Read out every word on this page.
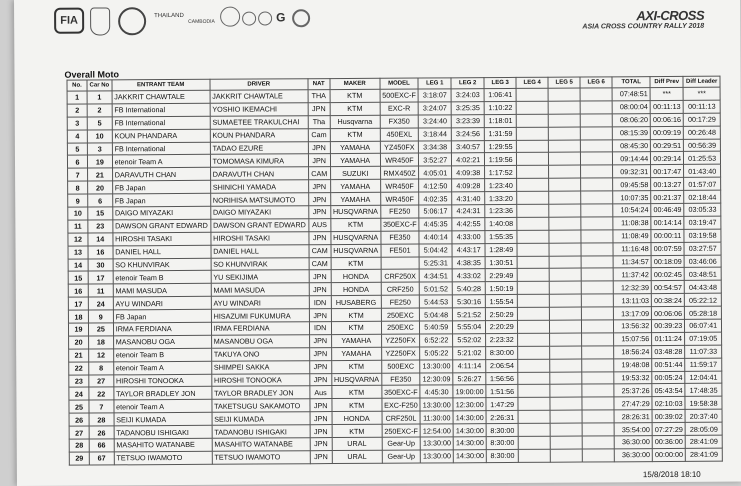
FIA	THAILAND
CAMBODIA	G	AXI-CROSS
ASIA CROSS COUNTRY RALLY 2018
Overall Moto
No.	Car No	ENTRANT TEAM	DRIVER	NAT	MAKER	MODEL	LEG 1	LEG 2	LEG 3	LEG 4	LEG 5	LEG 6	TOTAL	Diff Prev	Diff Leader
1	1	JAKKRIT CHAWTALE	JAKKRIT CHAWTALE	THA	KTM	500EXC-F	3:18:07	3:24:03	1:06:41				07:48:51	***	***
2	2	FB International	YOSHIO IKEMACHI	JPN	KTM	EXC-R	3:24:07	3:25:35	1:10:22				08:00:04	00:11:13	00:11:13
3	5	FB International	SUMAETEE TRAKULCHAI	Tha	Husqvarna	FX350	3:24:40	3:23:39	1:18:01				08:06:20	00:06:16	00:17:29
4	10	KOUN PHANDARA	KOUN PHANDARA	Cam	KTM	450EXL	3:18:44	3:24:56	1:31:59				08:15:39	00:09:19	00:26:48
5	3	FB International	TADAO EZURE	JPN	YAMAHA	YZ450FX	3:34:38	3:40:57	1:29:55				08:45:30	00:29:51	00:56:39
6	19	etenoir Team A	TOMOMASA KIMURA	JPN	YAMAHA	WR450F	3:52:27	4:02:21	1:19:56				09:14:44	00:29:14	01:25:53
7	21	DARAVUTH CHAN	DARAVUTH CHAN	CAM	SUZUKI	RMX450Z	4:05:01	4:09:38	1:17:52				09:32:31	00:17:47	01:43:40
8	20	FB Japan	SHINICHI YAMADA	JPN	YAMAHA	WR450F	4:12:50	4:09:28	1:23:40				09:45:58	00:13:27	01:57:07
9	6	FB Japan	NORIHISA MATSUMOTO	JPN	YAMAHA	WR450F	4:02:35	4:31:40	1:33:20				10:07:35	00:21:37	02:18:44
10	15	DAIGO MIYAZAKI	DAIGO MIYAZAKI	JPN	HUSQVARNA	FE250	5:06:17	4:24:31	1:23:36				10:54:24	00:46:49	03:05:33
11	23	DAWSON GRANT EDWARD	DAWSON GRANT EDWARD	AUS	KTM	350EXC-F	4:45:35	4:42:55	1:40:08				11:08:38	00:14:14	03:19:47
12	14	HIROSHI TASAKI	HIROSHI TASAKI	JPN	HUSQVARNA	FE350	4:40:14	4:33:00	1:55:35				11:08:49	00:00:11	03:19:58
13	16	DANIEL HALL	DANIEL HALL	CAM	HUSQVARNA	FE501	5:04:42	4:43:17	1:28:49				11:16:48	00:07:59	03:27:57
14	30	SO KHUNVIRAK	SO KHUNVIRAK	CAM	KTM		5:25:31	4:38:35	1:30:51				11:34:57	00:18:09	03:46:06
15	17	etenoir Team B	YU SEKIJIMA	JPN	HONDA	CRF250X	4:34:51	4:33:02	2:29:49				11:37:42	00:02:45	03:48:51
16	11	MAMI MASUDA	MAMI MASUDA	JPN	HONDA	CRF250	5:01:52	5:40:28	1:50:19				12:32:39	00:54:57	04:43:48
17	24	AYU WINDARI	AYU WINDARI	IDN	HUSABERG	FE250	5:44:53	5:30:16	1:55:54				13:11:03	00:38:24	05:22:12
18	9	FB Japan	HISAZUMI FUKUMURA	JPN	KTM	250EXC	5:04:48	5:21:52	2:50:29				13:17:09	00:06:06	05:28:18
19	25	IRMA FERDIANA	IRMA FERDIANA	IDN	KTM	250EXC	5:40:59	5:55:04	2:20:29				13:56:32	00:39:23	06:07:41
20	18	MASANOBU OGA	MASANOBU OGA	JPN	YAMAHA	YZ250FX	6:52:22	5:52:02	2:23:32				15:07:56	01:11:24	07:19:05
21	12	etenoir Team B	TAKUYA ONO	JPN	YAMAHA	YZ250FX	5:05:22	5:21:02	8:30:00				18:56:24	03:48:28	11:07:33
22	8	etenoir Team A	SHIMPEI SAKKA	JPN	KTM	500EXC	13:30:00	4:11:14	2:06:54				19:48:08	00:51:44	11:59:17
23	27	HIROSHI TONOOKA	HIROSHI TONOOKA	JPN	HUSQVARNA	FE350	12:30:09	5:26:27	1:56:56				19:53:32	00:05:24	12:04:41
24	22	TAYLOR BRADLEY JON	TAYLOR BRADLEY JON	Aus	KTM	350EXC-F	4:45:30	19:00:00	1:51:56				25:37:26	05:43:54	17:48:35
25	7	etenoir Team A	TAKETSUGU SAKAMOTO	JPN	KTM	EXC-F250	13:30:00	12:30:00	1:47:29				27:47:29	02:10:03	19:58:38
26	28	SEIJI KUMADA	SEIJI KUMADA	JPN	HONDA	CRF250L	11:30:00	14:30:00	2:26:31				28:26:31	00:39:02	20:37:40
27	26	TADANOBU ISHIGAKI	TADANOBU ISHIGAKI	JPN	KTM	250EXC-F	12:54:00	14:30:00	8:30:00				35:54:00	07:27:29	28:05:09
28	66	MASAHITO WATANABE	MASAHITO WATANABE	JPN	URAL	Gear-Up	13:30:00	14:30:00	8:30:00				36:30:00	00:36:00	28:41:09
29	67	TETSUO IWAMOTO	TETSUO IWAMOTO	JPN	URAL	Gear-Up	13:30:00	14:30:00	8:30:00				36:30:00	00:00:00	28:41:09
15/8/2018 18:10
